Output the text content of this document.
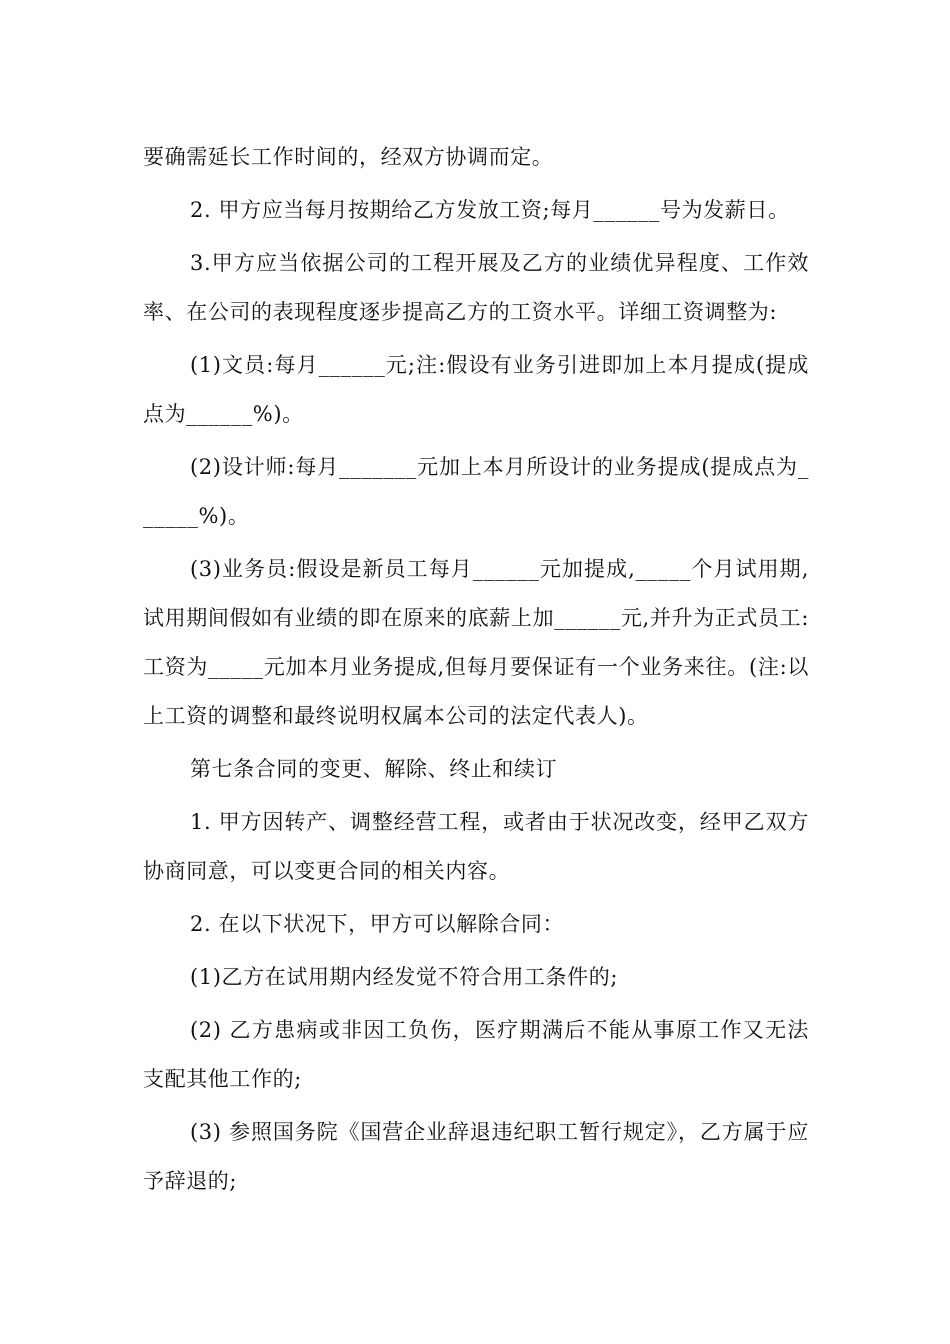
要确需延长工作时间的，经双方协调而定。

2. 甲方应当每月按期给乙方发放工资;每月______号为发薪日。

3.甲方应当依据公司的工程开展及乙方的业绩优异程度、工作效率、在公司的表现程度逐步提高乙方的工资水平。详细工资调整为:

(1)文员:每月______元;注:假设有业务引进即加上本月提成(提成点为______%)。

(2)设计师:每月_______元加上本月所设计的业务提成(提成点为______%)。

(3)业务员:假设是新员工每月______元加提成,_____个月试用期,试用期间假如有业绩的即在原来的底薪上加______元,并升为正式员工:工资为_____元加本月业务提成,但每月要保证有一个业务来往。(注:以上工资的调整和最终说明权属本公司的法定代表人)。

第七条合同的变更、解除、终止和续订

1. 甲方因转产、调整经营工程，或者由于状况改变，经甲乙双方协商同意，可以变更合同的相关内容。

2. 在以下状况下，甲方可以解除合同：

(1)乙方在试用期内经发觉不符合用工条件的;

(2) 乙方患病或非因工负伤，医疗期满后不能从事原工作又无法支配其他工作的;

(3) 参照国务院《国营企业辞退违纪职工暂行规定》，乙方属于应予辞退的;
